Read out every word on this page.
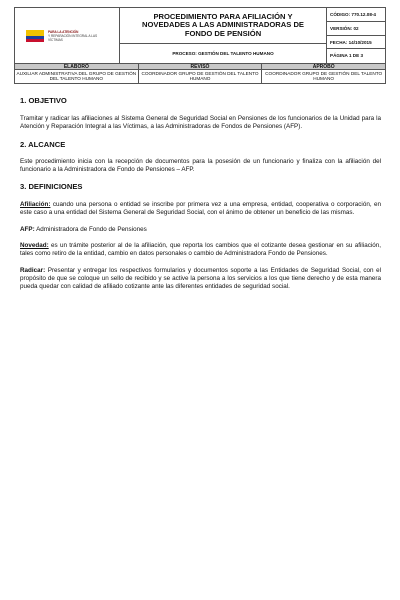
PARA LA ATENCIÓN
Y REPARACIÓN INTEGRAL A LAS VÍCTIMAS
PROCEDIMIENTO PARA AFILIACIÓN Y NOVEDADES A LAS ADMINISTRADORAS DE FONDO DE PENSIÓN
PROCESO: GESTIÓN DEL TALENTO HUMANO
CÓDIGO: 770.12.08-4
VERSIÓN: 02
FECHA: 14/10/2015
PÁGINA 1 DE 3
ELABORÓ	REVISÓ	APROBÓ
AUXILIAR ADMINISTRATIVA DEL GRUPO DE GESTIÓN DEL TALENTO HUMANO
COORDINADOR GRUPO DE GESTIÓN DEL TALENTO HUMANO
COORDINADOR GRUPO DE GESTIÓN DEL TALENTO HUMANO

1. OBJETIVO

Tramitar y radicar las afiliaciones al Sistema General de Seguridad Social en Pensiones de los funcionarios de la Unidad para la Atención y Reparación Integral a las Víctimas, a las Administradoras de Fondos de Pensiones (AFP).

2. ALCANCE

Este procedimiento inicia con la recepción de documentos para la posesión de un funcionario y finaliza con la afiliación del funcionario a la Administradora de Fondo de Pensiones – AFP.

3. DEFINICIONES

Afiliación: cuando una persona o entidad se inscribe por primera vez a una empresa, entidad, cooperativa o corporación, en este caso a una entidad del Sistema General de Seguridad Social, con el ánimo de obtener un beneficio de las mismas.

AFP: Administradora de Fondo de Pensiones

Novedad: es un trámite posterior al de la afiliación, que reporta los cambios que el cotizante desea gestionar en su afiliación, tales como retiro de la entidad, cambio en datos personales o cambio de Administradora Fondo de Pensiones.

Radicar: Presentar y entregar los respectivos formularios y documentos soporte a las Entidades de Seguridad Social, con el propósito de que se coloque un sello de recibido y se active la persona a los servicios a los que tiene derecho y de esta manera pueda quedar con calidad de afiliado cotizante ante las diferentes entidades de seguridad social.
